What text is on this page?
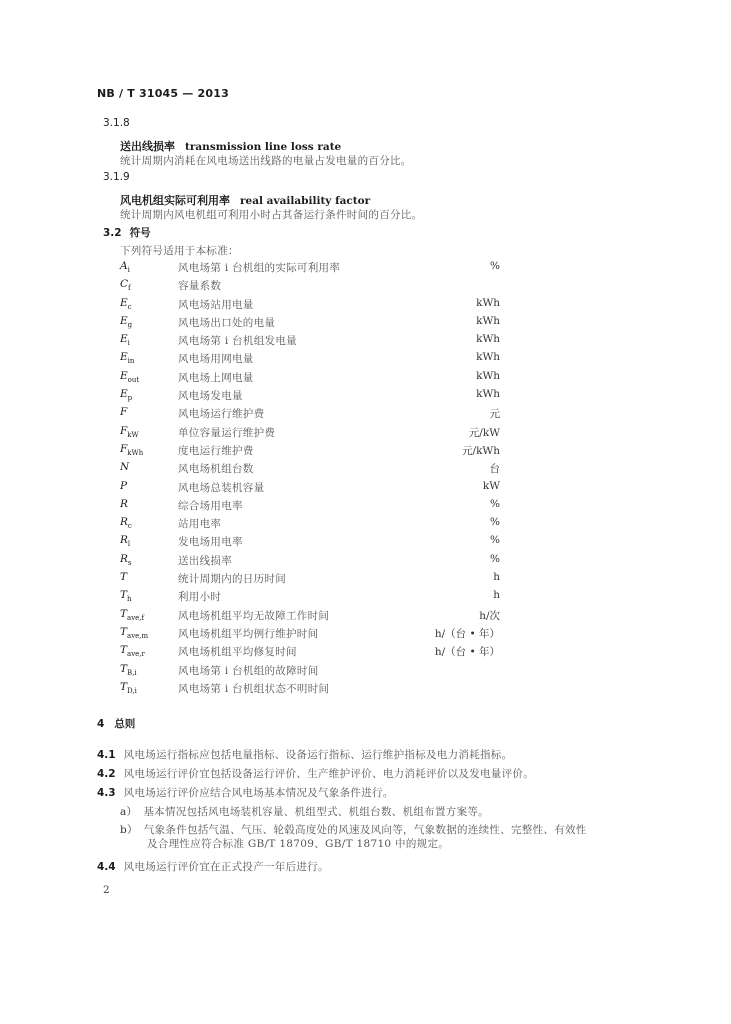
NB / T 31045 — 2013
3.1.8
送出线损率 transmission line loss rate
统计周期内消耗在风电场送出线路的电量占发电量的百分比。
3.1.9
风电机组实际可利用率 real availability factor
统计周期内风电机组可利用小时占其备运行条件时间的百分比。
3.2 符号
下列符号适用于本标准：
$A_i$	风电场第 i 台机组的实际可利用率	%
$C_f$	容量系数
$E_c$	风电场站用电量	kWh
$E_g$	风电场出口处的电量	kWh
$E_i$	风电场第 i 台机组发电量	kWh
$E_{in}$	风电场用网电量	kWh
$E_{out}$	风电场上网电量	kWh
$E_p$	风电场发电量	kWh
F	风电场运行维护费	元
$F_{kW}$	单位容量运行维护费	元/kW
$F_{kWh}$	度电运行维护费	元/kWh
N	风电场机组台数	台
P	风电场总装机容量	kW
R	综合场用电率	%
$R_c$	站用电率	%
$R_l$	发电场用电率	%
$R_s$	送出线损率	%
T	统计周期内的日历时间	h
$T_h$	利用小时	h
$T_{ave,f}$	风电场机组平均无故障工作时间	h/次
$T_{ave,m}$	风电场机组平均例行维护时间	h/（台 • 年）
$T_{ave,r}$	风电场机组平均修复时间	h/（台 • 年）
$T_{B,i}$	风电场第 i 台机组的故障时间
$T_{D,i}$	风电场第 i 台机组状态不明时间
4 总则
4.1 风电场运行指标应包括电量指标、设备运行指标、运行维护指标及电力消耗指标。
4.2 风电场运行评价宜包括设备运行评价、生产维护评价、电力消耗评价以及发电量评价。
4.3 风电场运行评价应结合风电场基本情况及气象条件进行。
a） 基本情况包括风电场装机容量、机组型式、机组台数、机组布置方案等。
b） 气象条件包括气温、气压、轮毂高度处的风速及风向等，气象数据的连续性、完整性、有效性
及合理性应符合标准 GB/T 18709、GB/T 18710 中的规定。
4.4 风电场运行评价宜在正式投产一年后进行。
2
